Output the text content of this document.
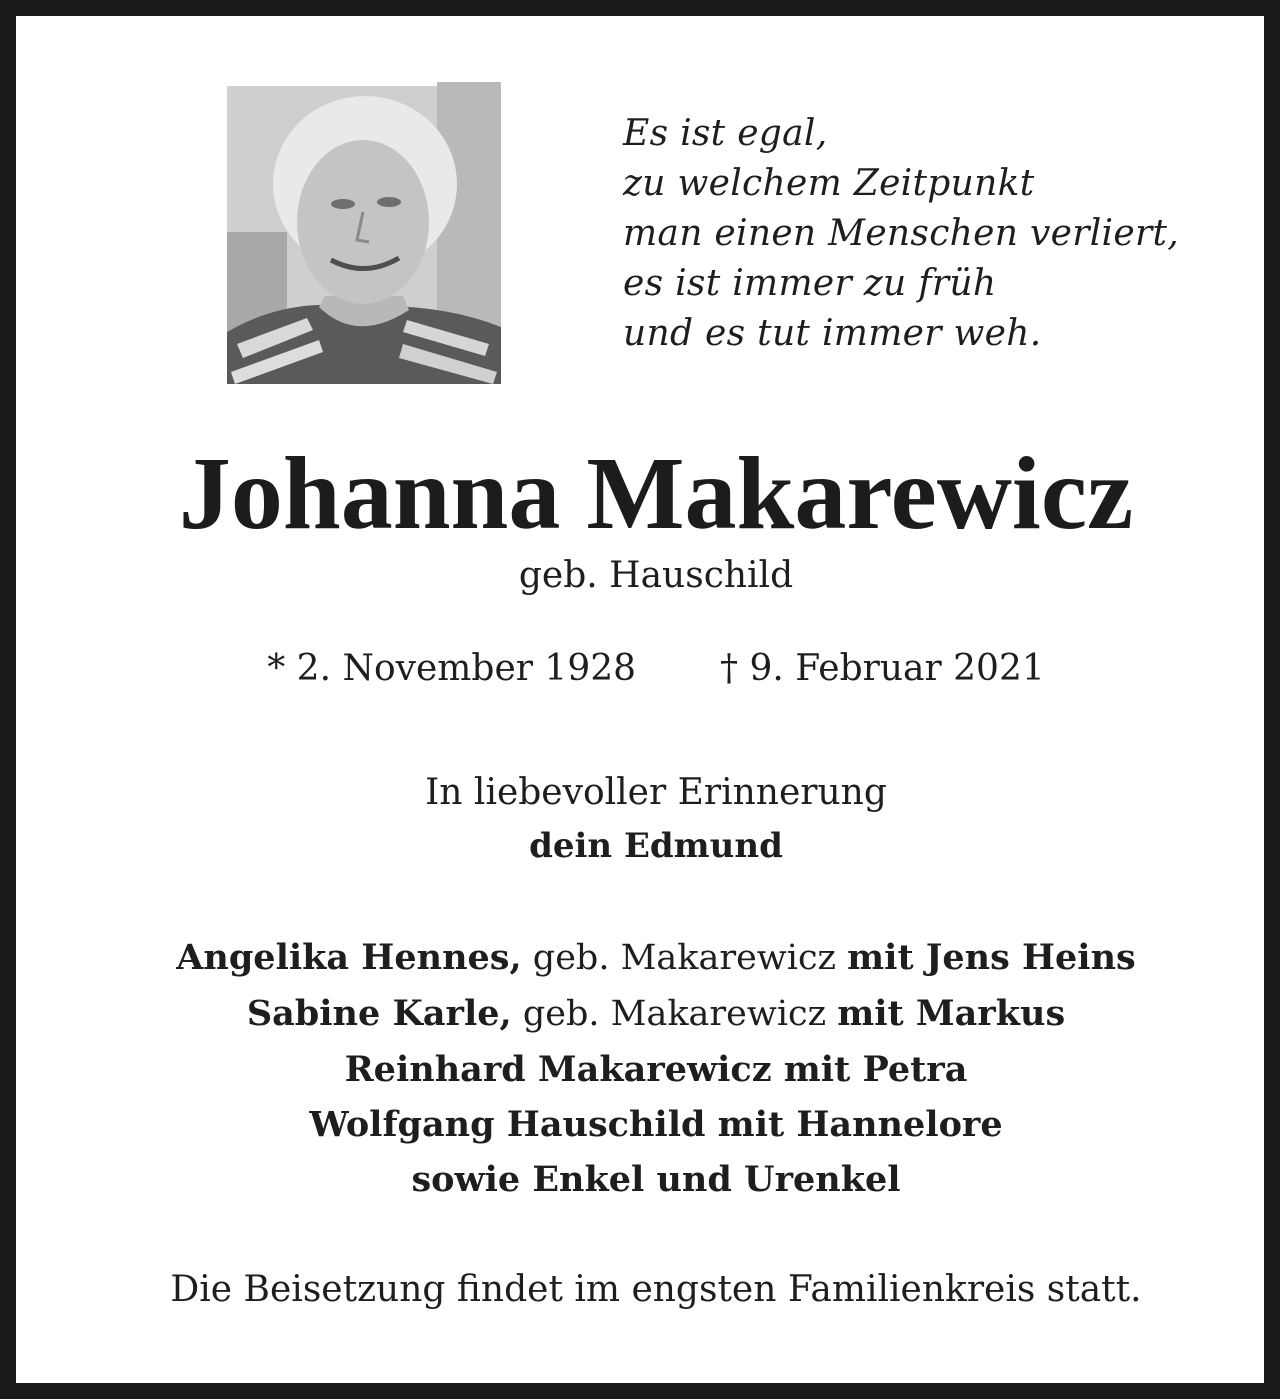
Es ist egal,
zu welchem Zeitpunkt
man einen Menschen verliert,
es ist immer zu früh
und es tut immer weh.
Johanna Makarewicz
geb. Hauschild
* 2. November 1928 † 9. Februar 2021
In liebevoller Erinnerung
dein Edmund
Angelika Hennes, geb. Makarewicz mit Jens Heins
Sabine Karle, geb. Makarewicz mit Markus
Reinhard Makarewicz mit Petra
Wolfgang Hauschild mit Hannelore
sowie Enkel und Urenkel
Die Beisetzung findet im engsten Familienkreis statt.
